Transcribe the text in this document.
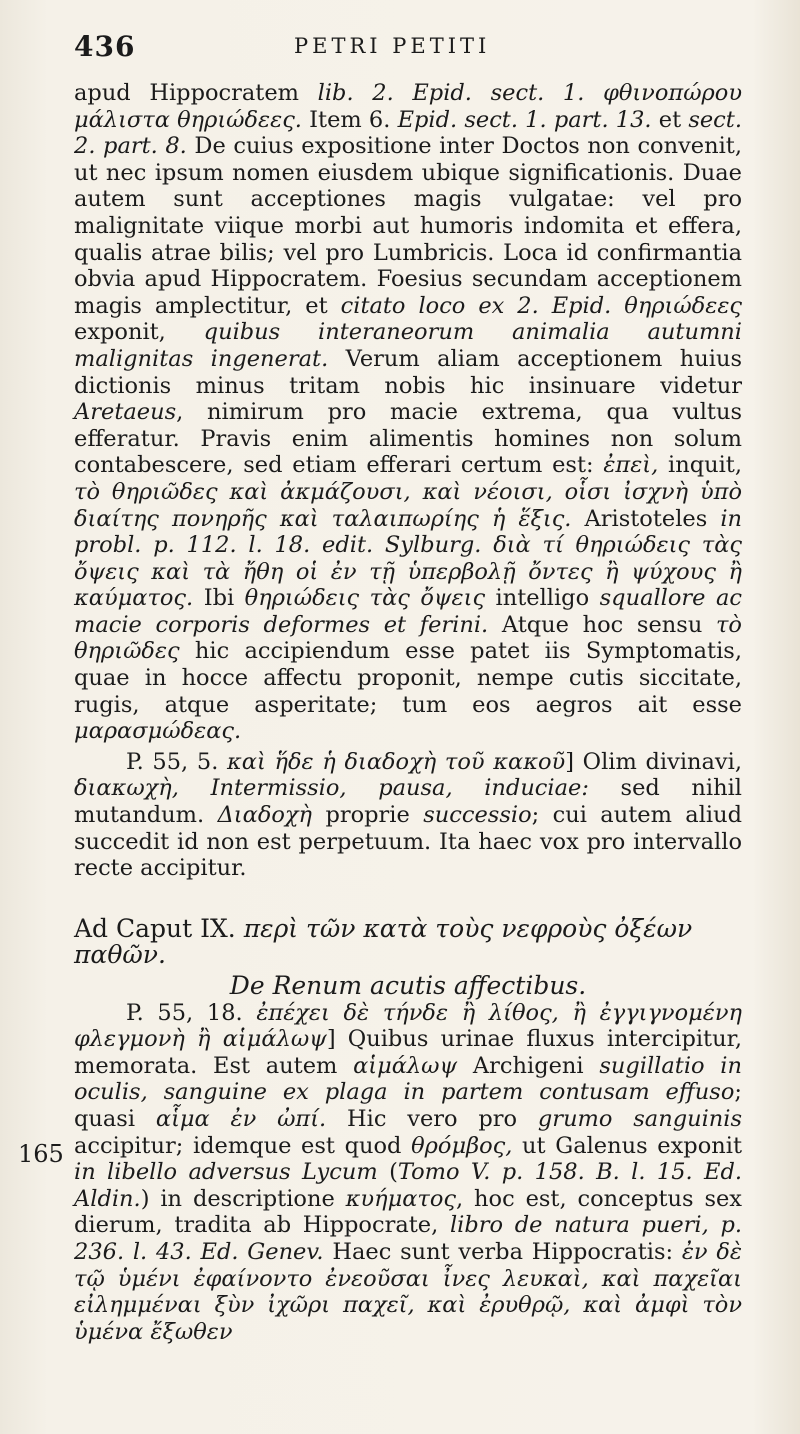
436	PETRI PETITI
165

apud Hippocratem lib. 2. Epid. sect. 1. φθινοπώρου μάλιστα θηριώδεες. Item 6. Epid. sect. 1. part. 13. et sect. 2. part. 8. De cuius expositione inter Doctos non convenit, ut nec ipsum nomen eiusdem ubique significationis. Duae autem sunt acceptiones magis vulgatae: vel pro malignitate viique morbi aut humoris indomita et effera, qualis atrae bilis; vel pro Lumbricis. Loca id confirmantia obvia apud Hippocratem. Foesius secundam acceptionem magis amplectitur, et citato loco ex 2. Epid. θηριώδεες exponit, quibus interaneorum animalia autumni malignitas ingenerat. Verum aliam acceptionem huius dictionis minus tritam nobis hic insinuare videtur Aretaeus, nimirum pro macie extrema, qua vultus efferatur. Pravis enim alimentis homines non solum contabescere, sed etiam efferari certum est: ἐπεὶ, inquit, τὸ θηριῶδες καὶ ἀκμάζουσι, καὶ νέοισι, οἷσι ἰσχνὴ ὑπὸ διαίτης πονηρῆς καὶ ταλαιπωρίης ἡ ἕξις. Aristoteles in probl. p. 112. l. 18. edit. Sylburg. διὰ τί θηριώδεις τὰς ὄψεις καὶ τὰ ἤθη οἱ ἐν τῇ ὑπερβολῇ ὄντες ἢ ψύχους ἢ καύματος. Ibi θηριώδεις τὰς ὄψεις intelligo squallore ac macie corporis deformes et ferini. Atque hoc sensu τὸ θηριῶδες hic accipiendum esse patet iis Symptomatis, quae in hocce affectu proponit, nempe cutis siccitate, rugis, atque asperitate; tum eos aegros ait esse μαρασμώδεας.

P. 55, 5. καὶ ἥδε ἡ διαδοχὴ τοῦ κακοῦ] Olim divinavi, διακωχὴ, Intermissio, pausa, induciae: sed nihil mutandum. Διαδοχὴ proprie successio; cui autem aliud succedit id non est perpetuum. Ita haec vox pro intervallo recte accipitur.

Ad Caput IX. περὶ τῶν κατὰ τοὺς νεφροὺς ὀξέων παθῶν.
De Renum acutis affectibus.

P. 55, 18. ἐπέχει δὲ τήνδε ἢ λίθος, ἢ ἐγγιγνομένη φλεγμονὴ ἢ αἱμάλωψ] Quibus urinae fluxus intercipitur, memorata. Est autem αἱμάλωψ Archigeni sugillatio in oculis, sanguine ex plaga in partem contusam effuso; quasi αἷμα ἐν ὠπί. Hic vero pro grumo sanguinis accipitur; idemque est quod θρόμβος, ut Galenus exponit in libello adversus Lycum (Tomo V. p. 158. B. l. 15. Ed. Aldin.) in descriptione κυήματος, hoc est, conceptus sex dierum, tradita ab Hippocrate, libro de natura pueri, p. 236. l. 43. Ed. Genev. Haec sunt verba Hippocratis: ἐν δὲ τῷ ὑμένι ἐφαίνοντο ἐνεοῦσαι ἶνες λευκαὶ, καὶ παχεῖαι εἰλημμέναι ξὺν ἰχῶρι παχεῖ, καὶ ἐρυθρῷ, καὶ ἀμφὶ τὸν ὑμένα ἔξωθεν
